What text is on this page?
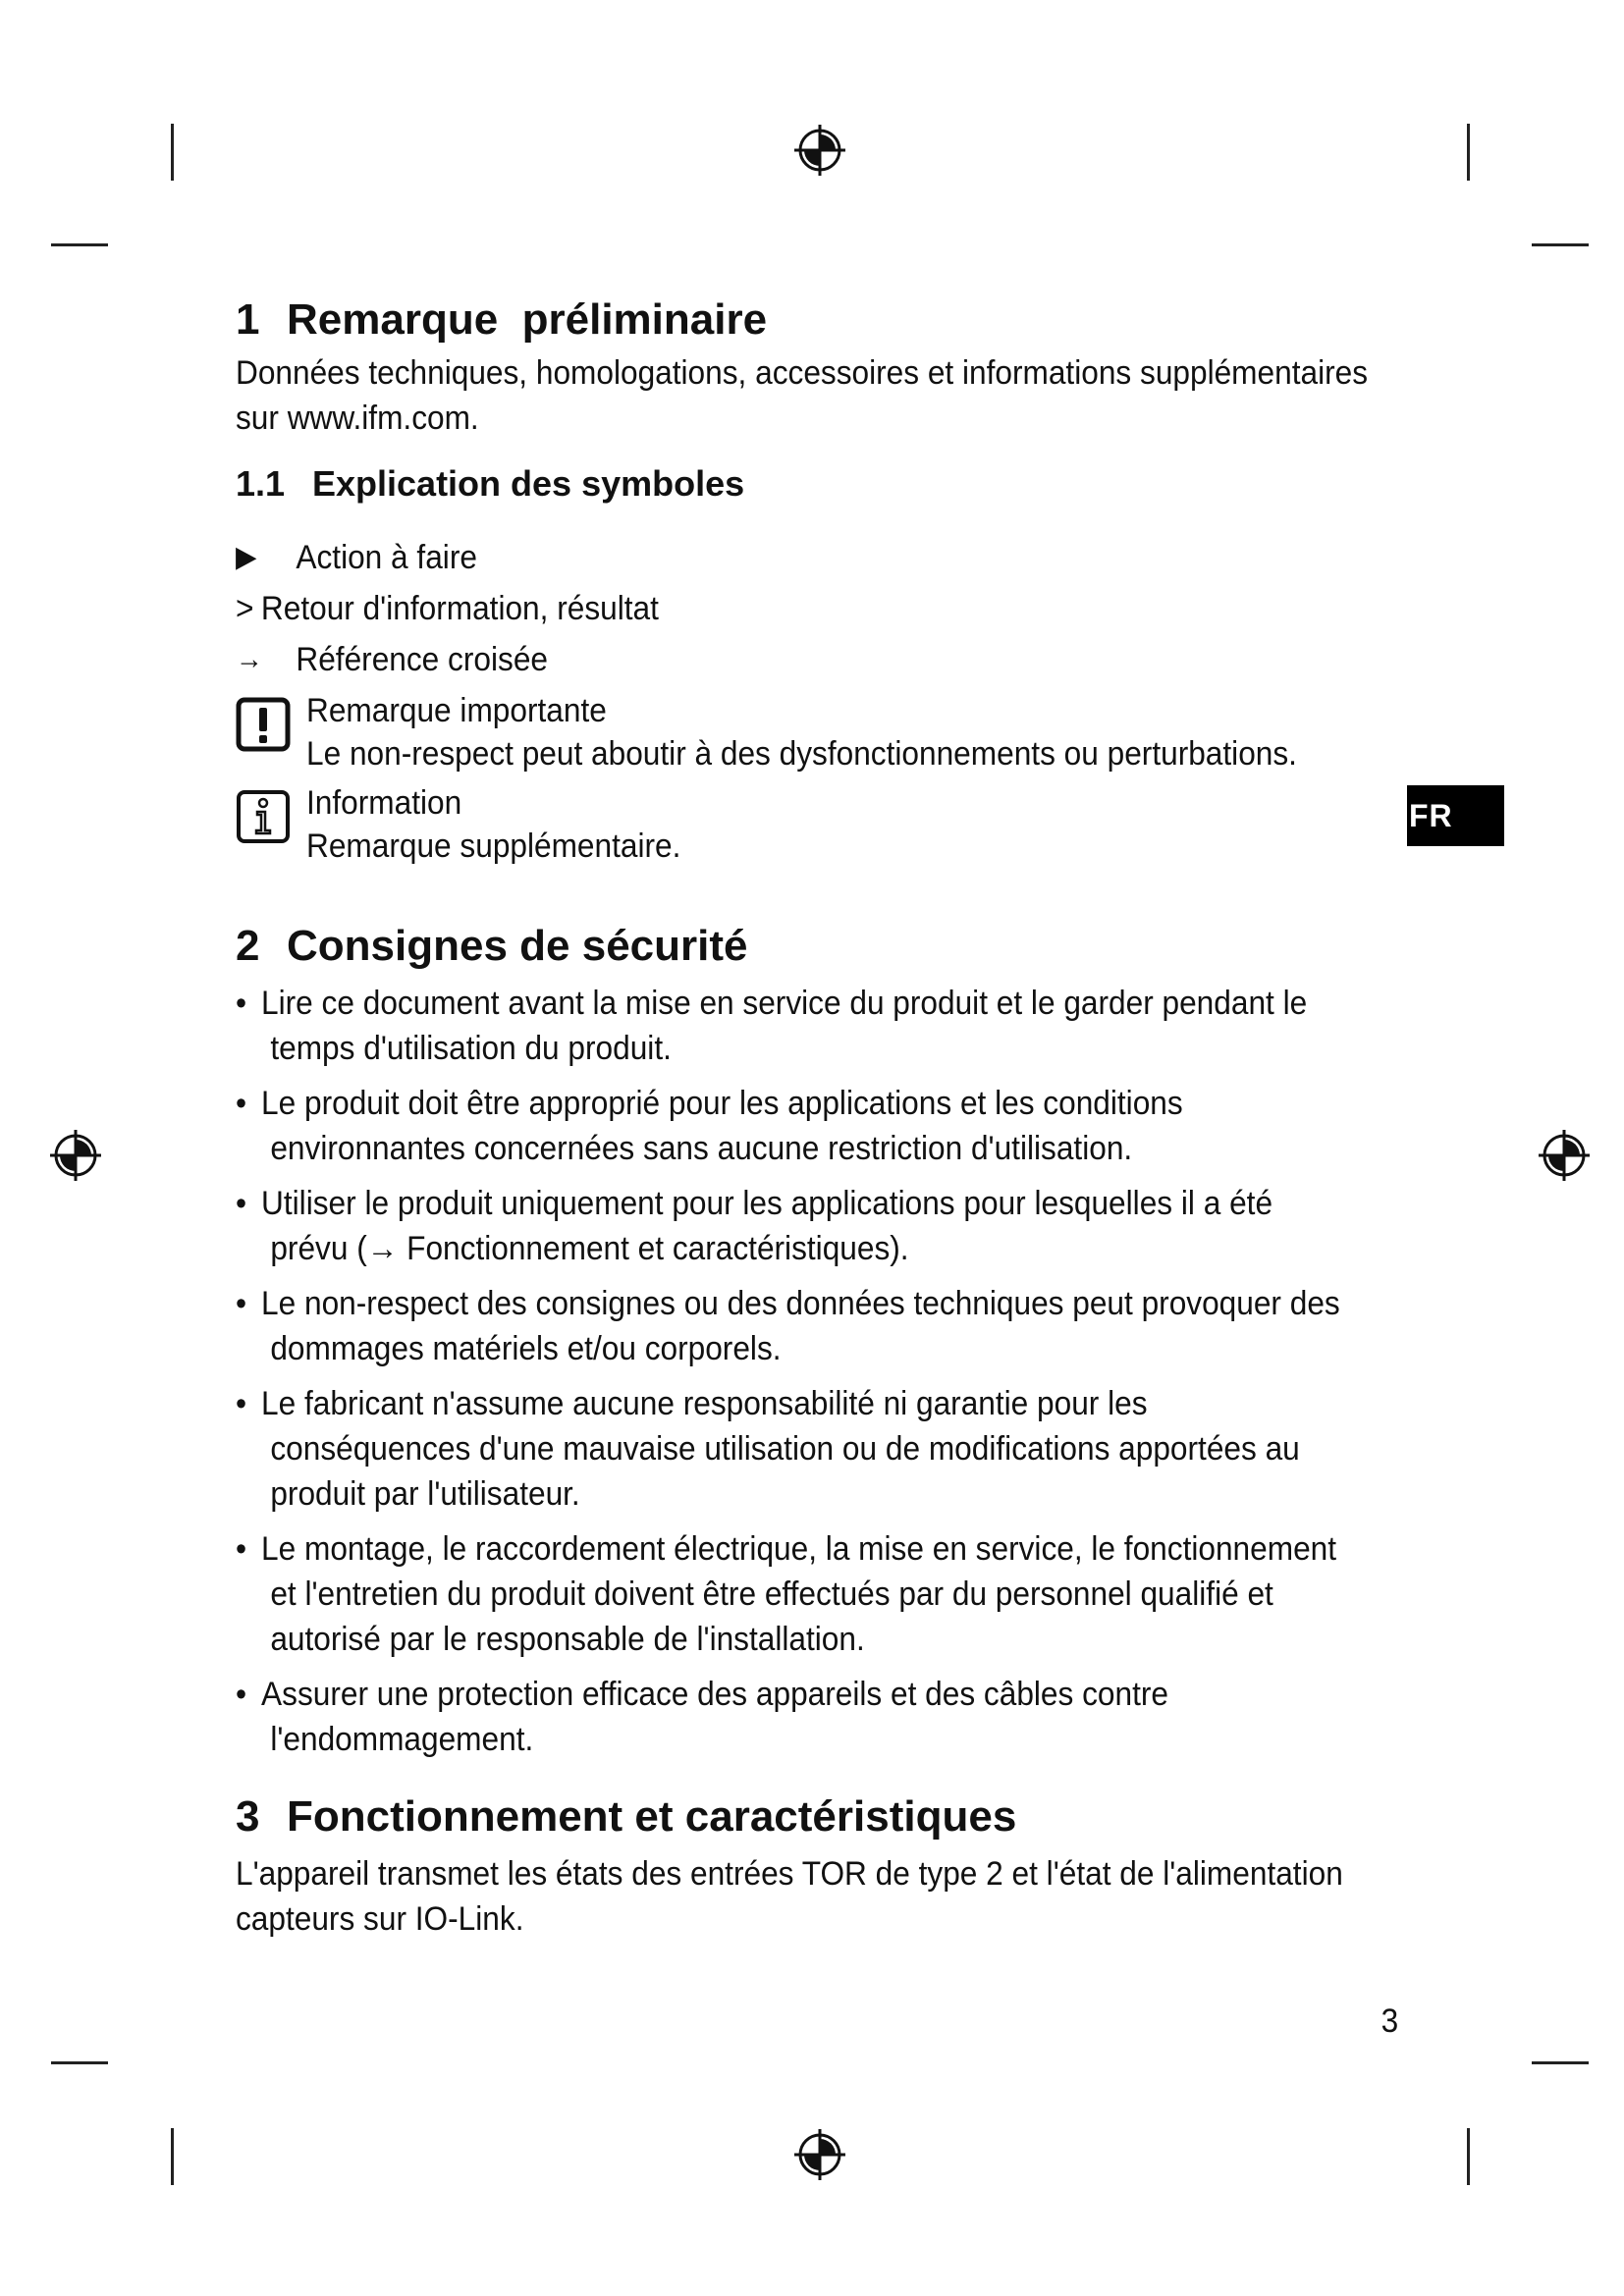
FR
1 Remarque  préliminaire

Données techniques, homologations, accessoires et informations supplémentaires
sur www.ifm.com.

1.1 Explication des symboles
▶	Action à faire
> Retour d'information, résultat
→ Référence croisée
Remarque importante
Le non-respect peut aboutir à des dysfonctionnements ou perturbations.
Information
Remarque supplémentaire.
2 Consignes de sécurité
• Lire ce document avant la mise en service du produit et le garder pendant le
temps d'utilisation du produit.
• Le produit doit être approprié pour les applications et les conditions
environnantes concernées sans aucune restriction d'utilisation.
• Utiliser le produit uniquement pour les applications pour lesquelles il a été
prévu (→ Fonctionnement et caractéristiques).
• Le non-respect des consignes ou des données techniques peut provoquer des
dommages matériels et/ou corporels.
• Le fabricant n'assume aucune responsabilité ni garantie pour les
conséquences d'une mauvaise utilisation ou de modifications apportées au
produit par l'utilisateur.
• Le montage, le raccordement électrique, la mise en service, le fonctionnement
et l'entretien du produit doivent être effectués par du personnel qualifié et
autorisé par le responsable de l'installation.
• Assurer une protection efficace des appareils et des câbles contre
l'endommagement.
3 Fonctionnement et caractéristiques

L'appareil transmet les états des entrées TOR de type 2 et l'état de l'alimentation
capteurs sur IO-Link.

3
